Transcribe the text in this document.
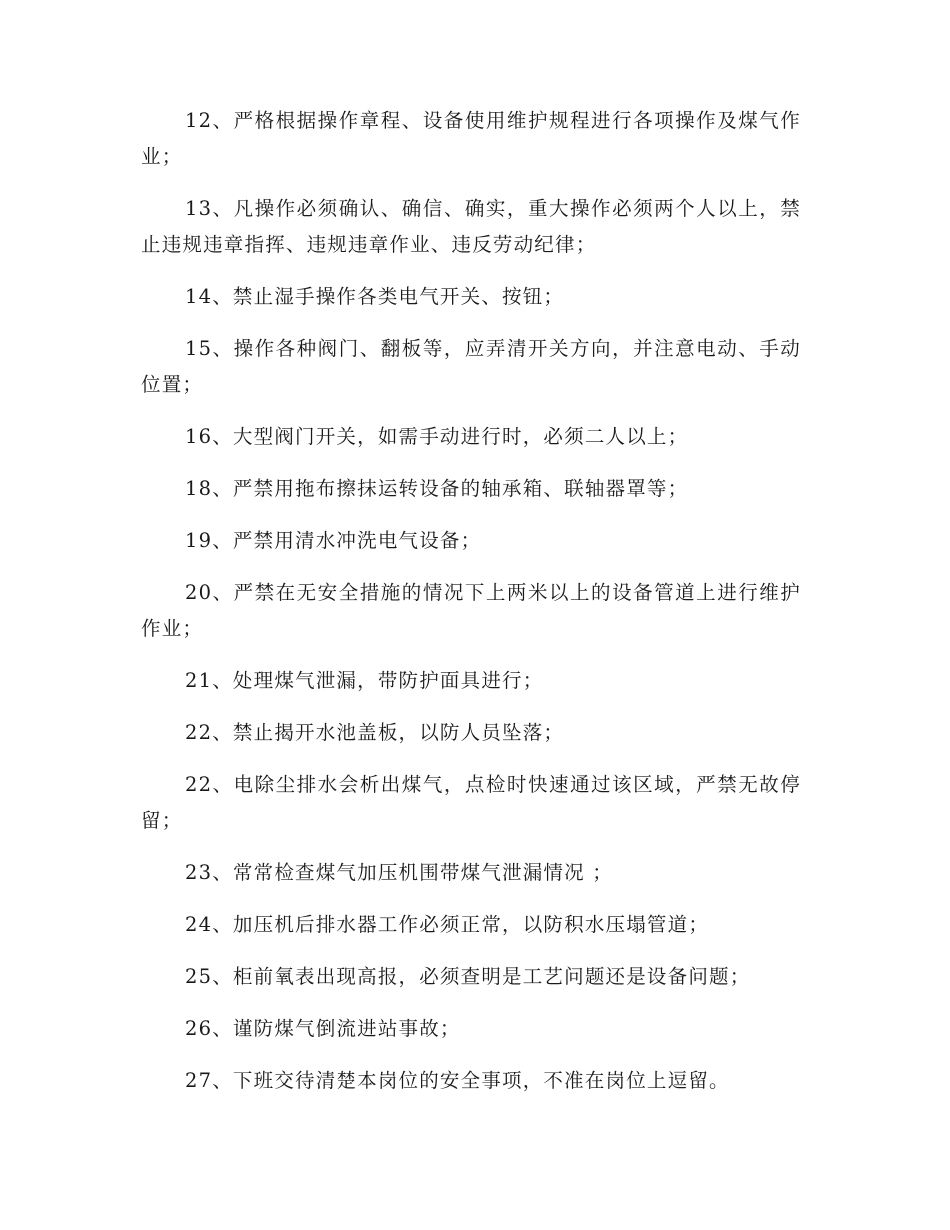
12、严格根据操作章程、设备使用维护规程进行各项操作及煤气作业；

13、凡操作必须确认、确信、确实，重大操作必须两个人以上，禁止违规违章指挥、违规违章作业、违反劳动纪律；

14、禁止湿手操作各类电气开关、按钮；

15、操作各种阀门、翻板等，应弄清开关方向，并注意电动、手动位置；

16、大型阀门开关，如需手动进行时，必须二人以上；

18、严禁用拖布擦抹运转设备的轴承箱、联轴器罩等；

19、严禁用清水冲洗电气设备；

20、严禁在无安全措施的情况下上两米以上的设备管道上进行维护作业；

21、处理煤气泄漏，带防护面具进行；

22、禁止揭开水池盖板，以防人员坠落；

22、电除尘排水会析出煤气，点检时快速通过该区域，严禁无故停留；

23、常常检查煤气加压机围带煤气泄漏情况 ；

24、加压机后排水器工作必须正常，以防积水压塌管道；

25、柜前氧表出现高报，必须查明是工艺问题还是设备问题；

26、谨防煤气倒流进站事故；

27、下班交待清楚本岗位的安全事项，不准在岗位上逗留。
